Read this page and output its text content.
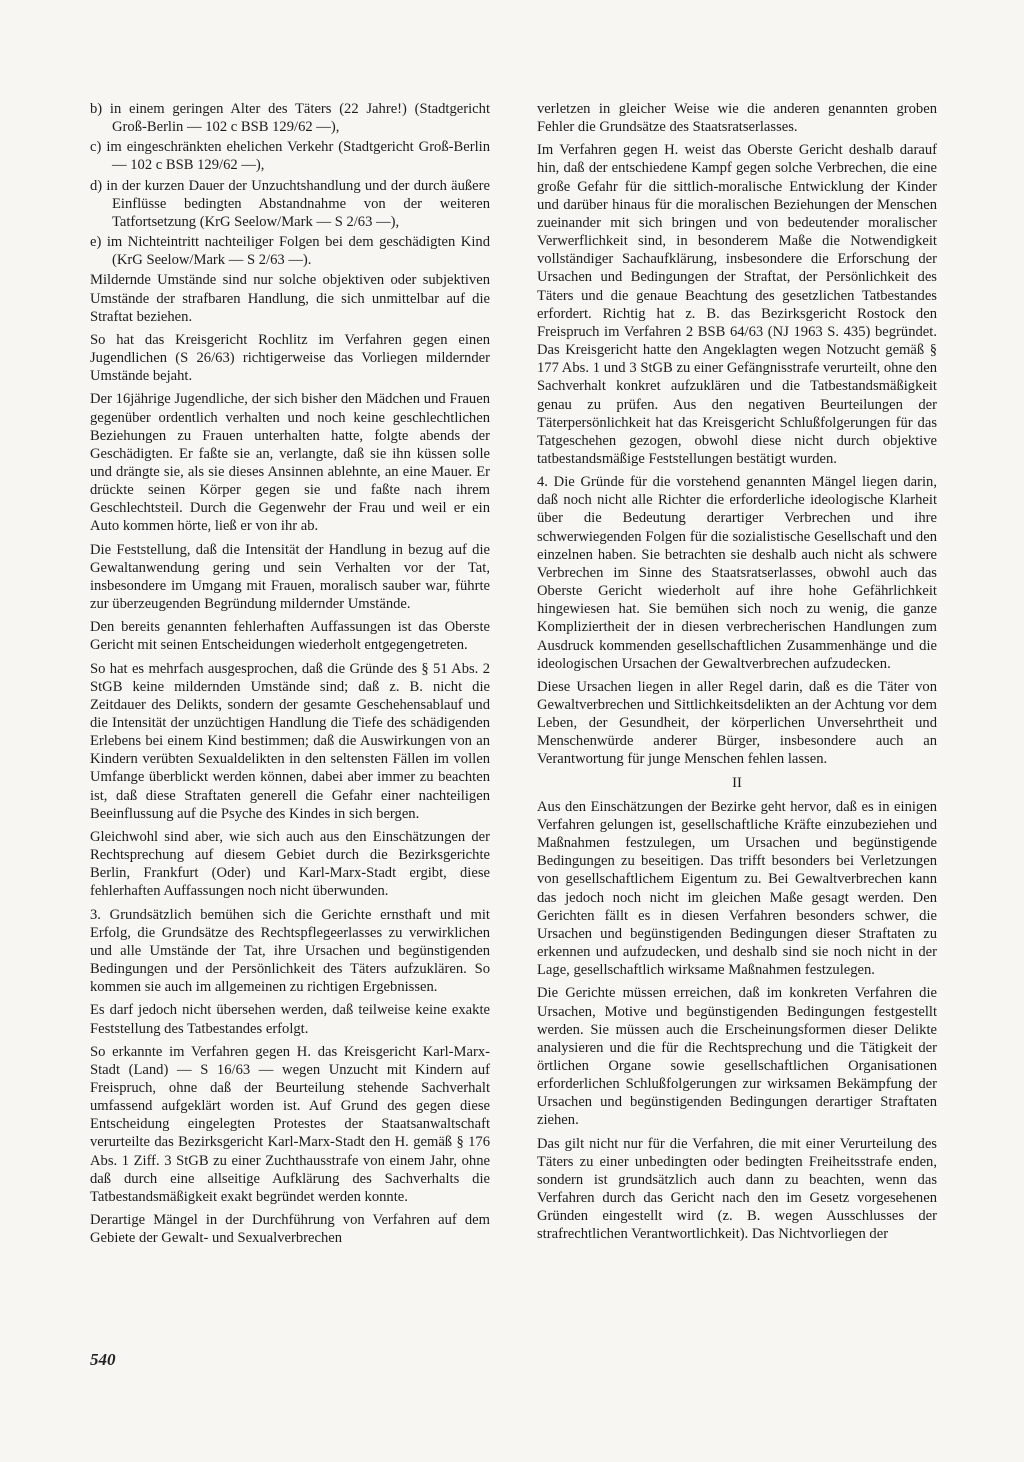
b) in einem geringen Alter des Täters (22 Jahre!) (Stadtgericht Groß-Berlin — 102 c BSB 129/62 —),

c) im eingeschränkten ehelichen Verkehr (Stadtgericht Groß-Berlin — 102 c BSB 129/62 —),

d) in der kurzen Dauer der Unzuchtshandlung und der durch äußere Einflüsse bedingten Abstandnahme von der weiteren Tatfortsetzung (KrG Seelow/Mark — S 2/63 —),

e) im Nichteintritt nachteiliger Folgen bei dem geschädigten Kind (KrG Seelow/Mark — S 2/63 —).

Mildernde Umstände sind nur solche objektiven oder subjektiven Umstände der strafbaren Handlung, die sich unmittelbar auf die Straftat beziehen.

So hat das Kreisgericht Rochlitz im Verfahren gegen einen Jugendlichen (S 26/63) richtigerweise das Vorliegen mildernder Umstände bejaht.

Der 16jährige Jugendliche, der sich bisher den Mädchen und Frauen gegenüber ordentlich verhalten und noch keine geschlechtlichen Beziehungen zu Frauen unterhalten hatte, folgte abends der Geschädigten. Er faßte sie an, verlangte, daß sie ihn küssen solle und drängte sie, als sie dieses Ansinnen ablehnte, an eine Mauer. Er drückte seinen Körper gegen sie und faßte nach ihrem Geschlechtsteil. Durch die Gegenwehr der Frau und weil er ein Auto kommen hörte, ließ er von ihr ab.

Die Feststellung, daß die Intensität der Handlung in bezug auf die Gewaltanwendung gering und sein Verhalten vor der Tat, insbesondere im Umgang mit Frauen, moralisch sauber war, führte zur überzeugenden Begründung mildernder Umstände.

Den bereits genannten fehlerhaften Auffassungen ist das Oberste Gericht mit seinen Entscheidungen wiederholt entgegengetreten.

So hat es mehrfach ausgesprochen, daß die Gründe des § 51 Abs. 2 StGB keine mildernden Umstände sind; daß z. B. nicht die Zeitdauer des Delikts, sondern der gesamte Geschehensablauf und die Intensität der unzüchtigen Handlung die Tiefe des schädigenden Erlebens bei einem Kind bestimmen; daß die Auswirkungen von an Kindern verübten Sexualdelikten in den seltensten Fällen im vollen Umfange überblickt werden können, dabei aber immer zu beachten ist, daß diese Straftaten generell die Gefahr einer nachteiligen Beeinflussung auf die Psyche des Kindes in sich bergen.

Gleichwohl sind aber, wie sich auch aus den Einschätzungen der Rechtsprechung auf diesem Gebiet durch die Bezirksgerichte Berlin, Frankfurt (Oder) und Karl-Marx-Stadt ergibt, diese fehlerhaften Auffassungen noch nicht überwunden.

3. Grundsätzlich bemühen sich die Gerichte ernsthaft und mit Erfolg, die Grundsätze des Rechtspflegeerlasses zu verwirklichen und alle Umstände der Tat, ihre Ursachen und begünstigenden Bedingungen und der Persönlichkeit des Täters aufzuklären. So kommen sie auch im allgemeinen zu richtigen Ergebnissen.

Es darf jedoch nicht übersehen werden, daß teilweise keine exakte Feststellung des Tatbestandes erfolgt.

So erkannte im Verfahren gegen H. das Kreisgericht Karl-Marx-Stadt (Land) — S 16/63 — wegen Unzucht mit Kindern auf Freispruch, ohne daß der Beurteilung stehende Sachverhalt umfassend aufgeklärt worden ist. Auf Grund des gegen diese Entscheidung eingelegten Protestes der Staatsanwaltschaft verurteilte das Bezirksgericht Karl-Marx-Stadt den H. gemäß § 176 Abs. 1 Ziff. 3 StGB zu einer Zuchthausstrafe von einem Jahr, ohne daß durch eine allseitige Aufklärung des Sachverhalts die Tatbestandsmäßigkeit exakt begründet werden konnte.

Derartige Mängel in der Durchführung von Verfahren auf dem Gebiete der Gewalt- und Sexualverbrechen

verletzen in gleicher Weise wie die anderen genannten groben Fehler die Grundsätze des Staatsratserlasses.

Im Verfahren gegen H. weist das Oberste Gericht deshalb darauf hin, daß der entschiedene Kampf gegen solche Verbrechen, die eine große Gefahr für die sittlich-moralische Entwicklung der Kinder und darüber hinaus für die moralischen Beziehungen der Menschen zueinander mit sich bringen und von bedeutender moralischer Verwerflichkeit sind, in besonderem Maße die Notwendigkeit vollständiger Sachaufklärung, insbesondere die Erforschung der Ursachen und Bedingungen der Straftat, der Persönlichkeit des Täters und die genaue Beachtung des gesetzlichen Tatbestandes erfordert. Richtig hat z. B. das Bezirksgericht Rostock den Freispruch im Verfahren 2 BSB 64/63 (NJ 1963 S. 435) begründet. Das Kreisgericht hatte den Angeklagten wegen Notzucht gemäß § 177 Abs. 1 und 3 StGB zu einer Gefängnisstrafe verurteilt, ohne den Sachverhalt konkret aufzuklären und die Tatbestandsmäßigkeit genau zu prüfen. Aus den negativen Beurteilungen der Täterpersönlichkeit hat das Kreisgericht Schlußfolgerungen für das Tatgeschehen gezogen, obwohl diese nicht durch objektive tatbestandsmäßige Feststellungen bestätigt wurden.

4. Die Gründe für die vorstehend genannten Mängel liegen darin, daß noch nicht alle Richter die erforderliche ideologische Klarheit über die Bedeutung derartiger Verbrechen und ihre schwerwiegenden Folgen für die sozialistische Gesellschaft und den einzelnen haben. Sie betrachten sie deshalb auch nicht als schwere Verbrechen im Sinne des Staatsratserlasses, obwohl auch das Oberste Gericht wiederholt auf ihre hohe Gefährlichkeit hingewiesen hat. Sie bemühen sich noch zu wenig, die ganze Kompliziertheit der in diesen verbrecherischen Handlungen zum Ausdruck kommenden gesellschaftlichen Zusammenhänge und die ideologischen Ursachen der Gewaltverbrechen aufzudecken.

Diese Ursachen liegen in aller Regel darin, daß es die Täter von Gewaltverbrechen und Sittlichkeitsdelikten an der Achtung vor dem Leben, der Gesundheit, der körperlichen Unversehrtheit und Menschenwürde anderer Bürger, insbesondere auch an Verantwortung für junge Menschen fehlen lassen.

II

Aus den Einschätzungen der Bezirke geht hervor, daß es in einigen Verfahren gelungen ist, gesellschaftliche Kräfte einzubeziehen und Maßnahmen festzulegen, um Ursachen und begünstigende Bedingungen zu beseitigen. Das trifft besonders bei Verletzungen von gesellschaftlichem Eigentum zu. Bei Gewaltverbrechen kann das jedoch noch nicht im gleichen Maße gesagt werden. Den Gerichten fällt es in diesen Verfahren besonders schwer, die Ursachen und begünstigenden Bedingungen dieser Straftaten zu erkennen und aufzudecken, und deshalb sind sie noch nicht in der Lage, gesellschaftlich wirksame Maßnahmen festzulegen.

Die Gerichte müssen erreichen, daß im konkreten Verfahren die Ursachen, Motive und begünstigenden Bedingungen festgestellt werden. Sie müssen auch die Erscheinungsformen dieser Delikte analysieren und die für die Rechtsprechung und die Tätigkeit der örtlichen Organe sowie gesellschaftlichen Organisationen erforderlichen Schlußfolgerungen zur wirksamen Bekämpfung der Ursachen und begünstigenden Bedingungen derartiger Straftaten ziehen.

Das gilt nicht nur für die Verfahren, die mit einer Verurteilung des Täters zu einer unbedingten oder bedingten Freiheitsstrafe enden, sondern ist grundsätzlich auch dann zu beachten, wenn das Verfahren durch das Gericht nach den im Gesetz vorgesehenen Gründen eingestellt wird (z. B. wegen Ausschlusses der strafrechtlichen Verantwortlichkeit). Das Nichtvorliegen der

540
